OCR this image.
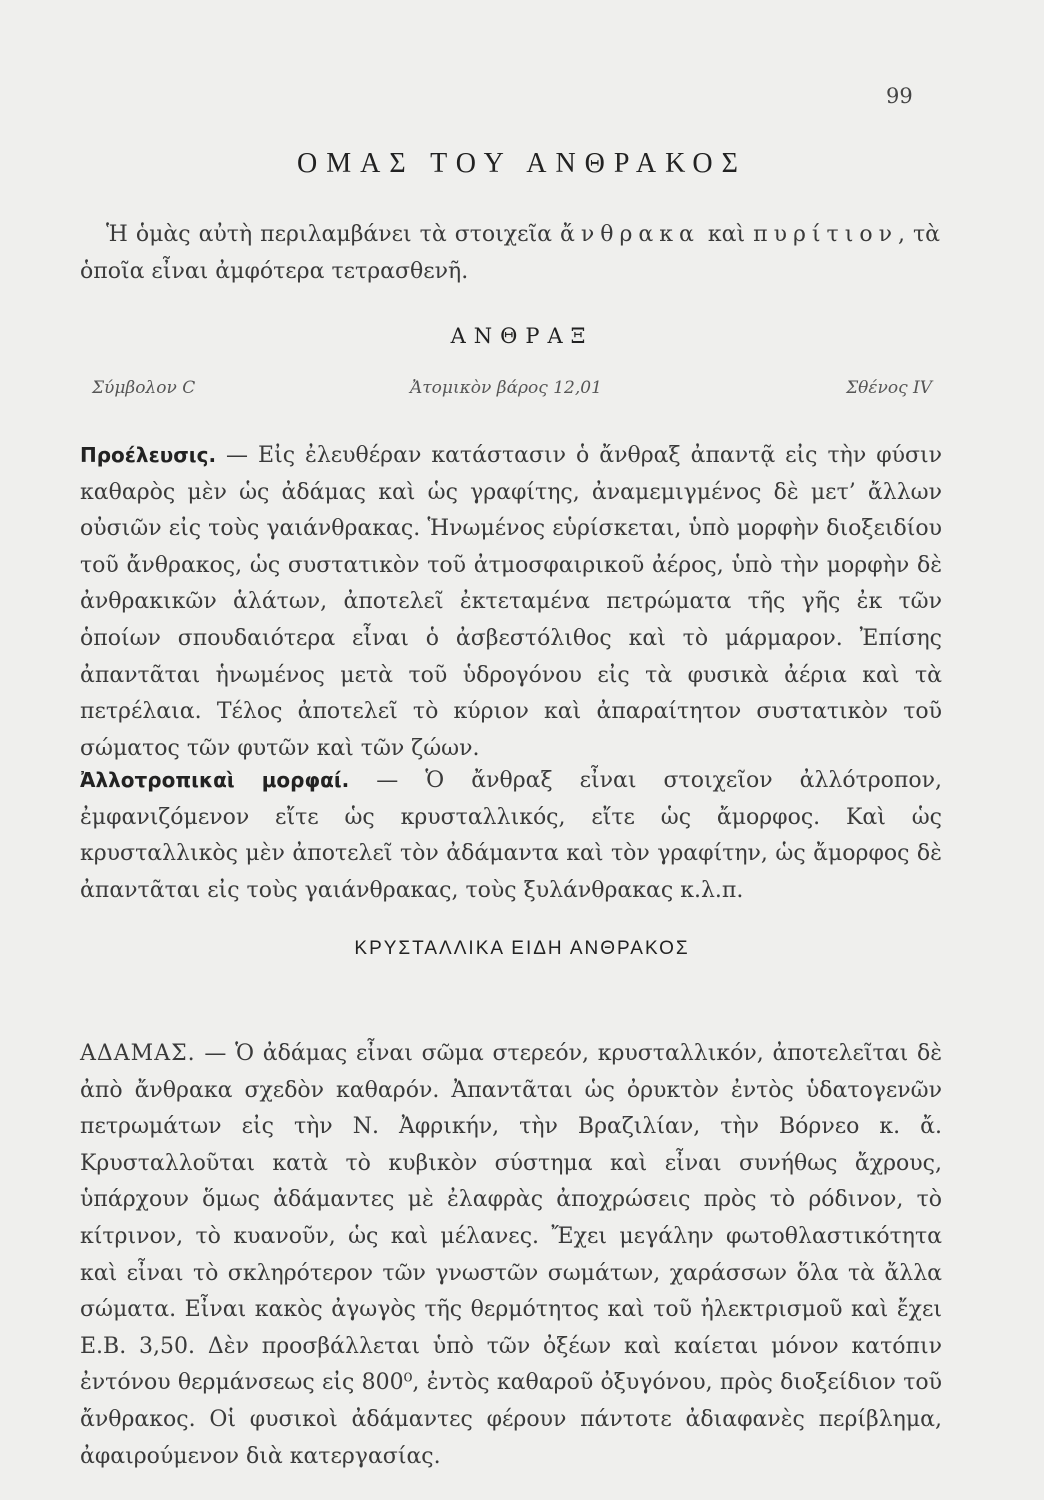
99
ΟΜΑΣ ΤΟΥ ΑΝΘΡΑΚΟΣ
Ἡ ὁμὰς αὐτὴ περιλαμβάνει τὰ στοιχεῖα ἄνθρακα καὶ πυρίτιον, τὰ ὁποῖα εἶναι ἀμφότερα τετρασθενῆ.
ΑΝΘΡΑΞ
Σύμβολον C	Ἀτομικὸν βάρος 12,01	Σθένος IV
Προέλευσις. — Εἰς ἐλευθέραν κατάστασιν ὁ ἄνθραξ ἀπαντᾷ εἰς τὴν φύσιν καθαρὸς μὲν ὡς ἀδάμας καὶ ὡς γραφίτης, ἀναμεμιγμένος δὲ μετ’ ἄλλων οὐσιῶν εἰς τοὺς γαιάνθρακας. Ἡνωμένος εὑρίσκεται, ὑπὸ μορφὴν διοξειδίου τοῦ ἄνθρακος, ὡς συστατικὸν τοῦ ἀτμοσφαιρικοῦ ἀέρος, ὑπὸ τὴν μορφὴν δὲ ἀνθρακικῶν ἁλάτων, ἀποτελεῖ ἐκτεταμένα πετρώματα τῆς γῆς ἐκ τῶν ὁποίων σπουδαιότερα εἶναι ὁ ἀσβεστόλιθος καὶ τὸ μάρμαρον. Ἐπίσης ἀπαντᾶται ἡνωμένος μετὰ τοῦ ὑδρογόνου εἰς τὰ φυσικὰ ἀέρια καὶ τὰ πετρέλαια. Τέλος ἀποτελεῖ τὸ κύριον καὶ ἀπαραίτητον συστατικὸν τοῦ σώματος τῶν φυτῶν καὶ τῶν ζώων.
Ἀλλοτροπικαὶ μορφαί. — Ὁ ἄνθραξ εἶναι στοιχεῖον ἀλλότροπον, ἐμφανιζόμενον εἴτε ὡς κρυσταλλικός, εἴτε ὡς ἄμορφος. Καὶ ὡς κρυσταλλικὸς μὲν ἀποτελεῖ τὸν ἀδάμαντα καὶ τὸν γραφίτην, ὡς ἄμορφος δὲ ἀπαντᾶται εἰς τοὺς γαιάνθρακας, τοὺς ξυλάνθρακας κ.λ.π.
ΚΡΥΣΤΑΛΛΙΚΑ ΕΙΔΗ ΑΝΘΡΑΚΟΣ
ΑΔΑΜΑΣ. — Ὁ ἀδάμας εἶναι σῶμα στερεόν, κρυσταλλικόν, ἀποτελεῖται δὲ ἀπὸ ἄνθρακα σχεδὸν καθαρόν. Ἀπαντᾶται ὡς ὀρυκτὸν ἐντὸς ὑδατογενῶν πετρωμάτων εἰς τὴν Ν. Ἀφρικήν, τὴν Βραζιλίαν, τὴν Βόρνεο κ. ἄ. Κρυσταλλοῦται κατὰ τὸ κυβικὸν σύστημα καὶ εἶναι συνήθως ἄχρους, ὑπάρχουν ὅμως ἀδάμαντες μὲ ἐλαφρὰς ἀποχρώσεις πρὸς τὸ ρόδινον, τὸ κίτρινον, τὸ κυανοῦν, ὡς καὶ μέλανες. Ἔχει μεγάλην φωτοθλαστικότητα καὶ εἶναι τὸ σκληρότερον τῶν γνωστῶν σωμάτων, χαράσσων ὅλα τὰ ἄλλα σώματα. Εἶναι κακὸς ἀγωγὸς τῆς θερμότητος καὶ τοῦ ἠλεκτρισμοῦ καὶ ἔχει Ε.Β. 3,50. Δὲν προσβάλλεται ὑπὸ τῶν ὀξέων καὶ καίεται μόνον κατόπιν ἐντόνου θερμάνσεως εἰς 800⁰, ἐντὸς καθαροῦ ὀξυγόνου, πρὸς διοξείδιον τοῦ ἄνθρακος. Οἱ φυσικοὶ ἀδάμαντες φέρουν πάντοτε ἀδιαφανὲς περίβλημα, ἀφαιρούμενον διὰ κατεργασίας.
